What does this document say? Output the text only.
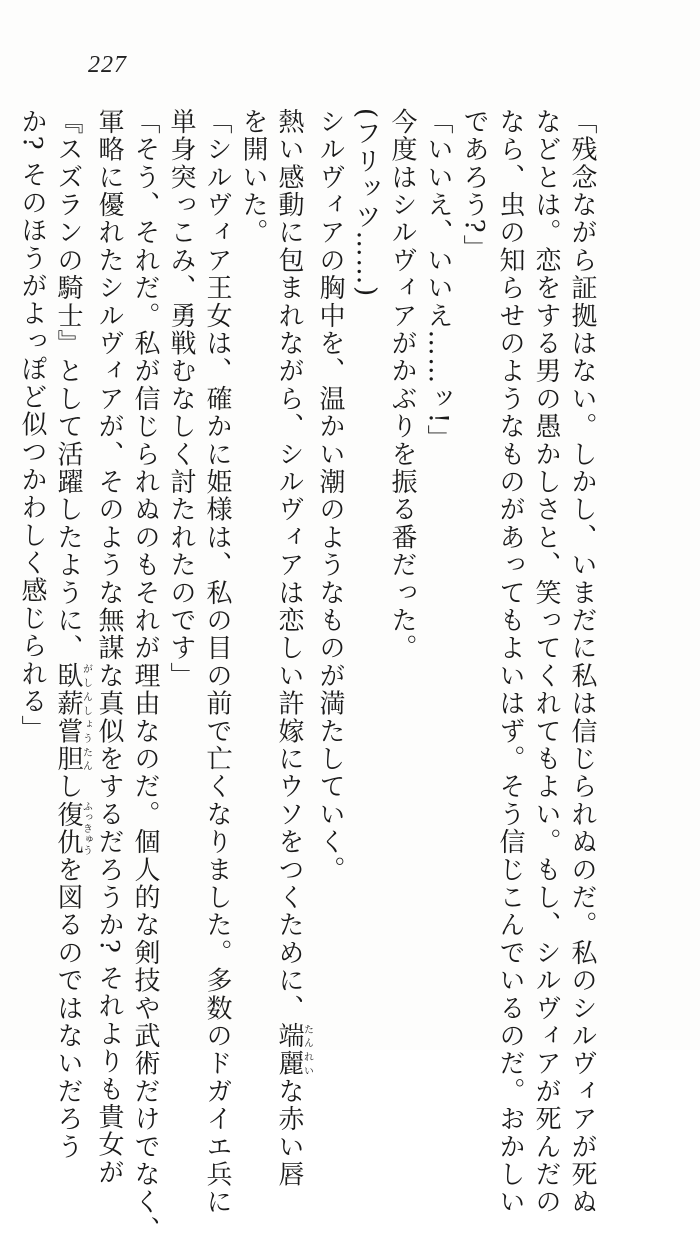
227
「残念ながら証拠はない。しかし、いまだに私は信じられぬのだ。私のシルヴィアが死ぬ
などとは。恋をする男の愚かしさと、笑ってくれてもよい。もし、シルヴィアが死んだの
なら、虫の知らせのようなものがあってもよいはず。そう信じこんでいるのだ。おかしい
であろう?」
「いいえ、いいえ……ッ!」
今度はシルヴィアがかぶりを振る番だった。
(フリッツ……)
シルヴィアの胸中を、温かい潮のようなものが満たしていく。
熱い感動に包まれながら、シルヴィアは恋しい許嫁にウソをつくために、端麗たんれいな赤い唇
を開いた。
「シルヴィア王女は、確かに姫様は、私の目の前で亡くなりました。多数のドガイエ兵に
単身突っこみ、勇戦むなしく討たれたのです」
「そう、それだ。私が信じられぬのもそれが理由なのだ。個人的な剣技や武術だけでなく、
軍略に優れたシルヴィアが、そのような無謀な真似をするだろうか? それよりも貴女が
『スズランの騎士』として活躍したように、臥薪嘗胆がしんしょうたんし復仇ふっきゅうを図るのではないだろう
か? そのほうがよっぽど似つかわしく感じられる」
